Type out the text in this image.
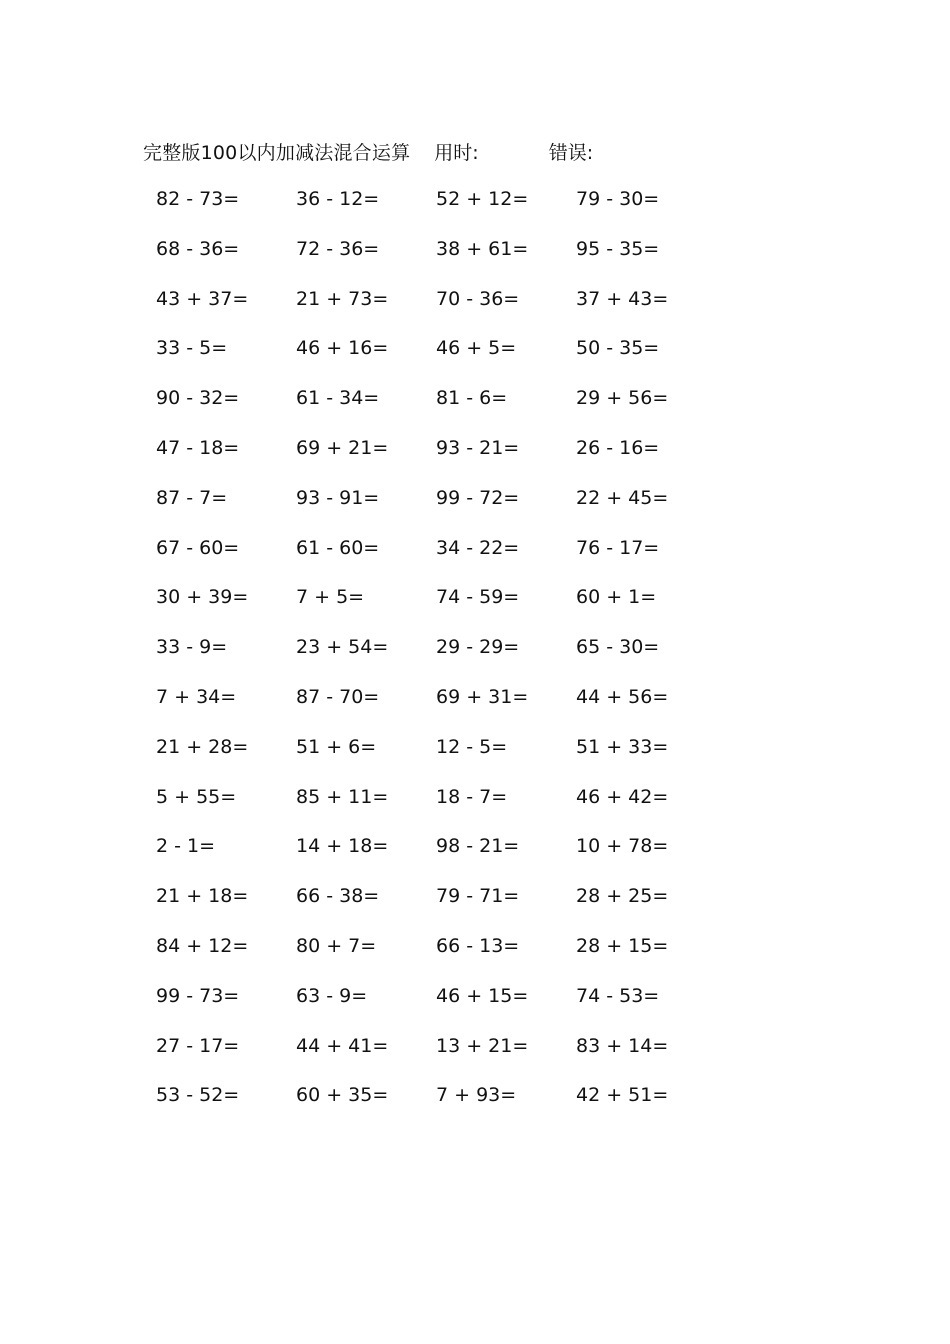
完整版100以内加减法混合运算 用时:	错误:
82 - 73=	36 - 12=	52 + 12=	79 - 30=
68 - 36=	72 - 36=	38 + 61=	95 - 35=
43 + 37=	21 + 73=	70 - 36=	37 + 43=
33 - 5=	46 + 16=	46 + 5=	50 - 35=
90 - 32=	61 - 34=	81 - 6=	29 + 56=
47 - 18=	69 + 21=	93 - 21=	26 - 16=
87 - 7=	93 - 91=	99 - 72=	22 + 45=
67 - 60=	61 - 60=	34 - 22=	76 - 17=
30 + 39=	7 + 5=	74 - 59=	60 + 1=
33 - 9=	23 + 54=	29 - 29=	65 - 30=
7 + 34=	87 - 70=	69 + 31=	44 + 56=
21 + 28=	51 + 6=	12 - 5=	51 + 33=
5 + 55=	85 + 11=	18 - 7=	46 + 42=
2 - 1=	14 + 18=	98 - 21=	10 + 78=
21 + 18=	66 - 38=	79 - 71=	28 + 25=
84 + 12=	80 + 7=	66 - 13=	28 + 15=
99 - 73=	63 - 9=	46 + 15=	74 - 53=
27 - 17=	44 + 41=	13 + 21=	83 + 14=
53 - 52=	60 + 35=	7 + 93=	42 + 51=
